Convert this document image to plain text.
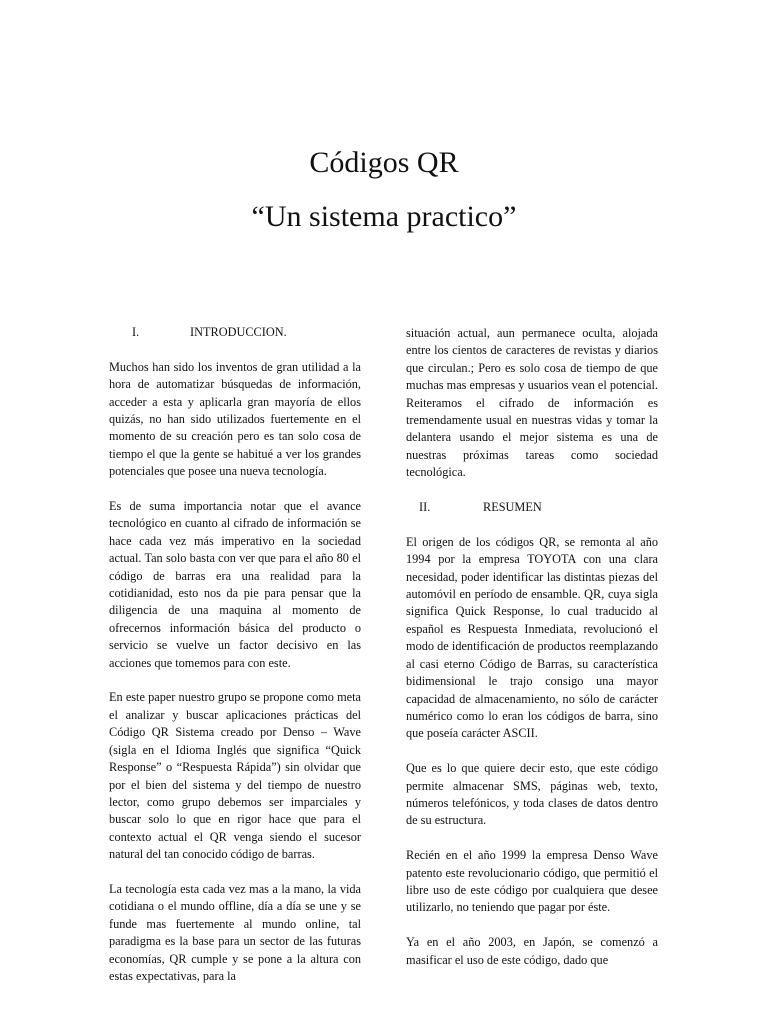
Códigos QR
“Un sistema practico”
I.	INTRODUCCION.

Muchos han sido los inventos de gran utilidad a la hora de automatizar búsquedas de información, acceder a esta y aplicarla gran mayoría de ellos quizás, no han sido utilizados fuertemente en el momento de su creación pero es tan solo cosa de tiempo el que la gente se habitué a ver los grandes potenciales que posee una nueva tecnología.

Es de suma importancia notar que el avance tecnológico en cuanto al cifrado de información se hace cada vez más imperativo en la sociedad actual. Tan solo basta con ver que para el año 80 el código de barras era una realidad para la cotidianidad, esto nos da pie para pensar que la diligencia de una maquina al momento de ofrecernos información básica del producto o servicio se vuelve un factor decisivo en las acciones que tomemos para con este.

En este paper nuestro grupo se propone como meta el analizar y buscar aplicaciones prácticas del Código QR Sistema creado por Denso – Wave (sigla en el Idioma Inglés que significa “Quick Response” o “Respuesta Rápida”) sin olvidar que por el bien del sistema y del tiempo de nuestro lector, como grupo debemos ser imparciales y buscar solo lo que en rigor hace que para el contexto actual el QR venga siendo el sucesor natural del tan conocido código de barras.

La tecnología esta cada vez mas a la mano, la vida cotidiana o el mundo offline, día a día se une y se funde mas fuertemente al mundo online, tal paradigma es la base para un sector de las futuras economías, QR cumple y se pone a la altura con estas expectativas, para la

situación actual, aun permanece oculta, alojada entre los cientos de caracteres de revistas y diarios que circulan.; Pero es solo cosa de tiempo de que muchas mas empresas y usuarios vean el potencial. Reiteramos el cifrado de información es tremendamente usual en nuestras vidas y tomar la delantera usando el mejor sistema es una de nuestras próximas tareas como sociedad tecnológica.

II.	RESUMEN

El origen de los códigos QR, se remonta al año 1994 por la empresa TOYOTA con una clara necesidad, poder identificar las distintas piezas del automóvil en período de ensamble. QR, cuya sigla significa Quick Response, lo cual traducido al español es Respuesta Inmediata, revolucionó el modo de identificación de productos reemplazando al casi eterno Código de Barras, su característica bidimensional le trajo consigo una mayor capacidad de almacenamiento, no sólo de carácter numérico como lo eran los códigos de barra, sino que poseía carácter ASCII.

Que es lo que quiere decir esto, que este código permite almacenar SMS, páginas web, texto, números telefónicos, y toda clases de datos dentro de su estructura.

Recién en el año 1999 la empresa Denso Wave patento este revolucionario código, que permitió el libre uso de este código por cualquiera que desee utilizarlo, no teniendo que pagar por éste.

Ya en el año 2003, en Japón, se comenzó a masificar el uso de este código, dado que
